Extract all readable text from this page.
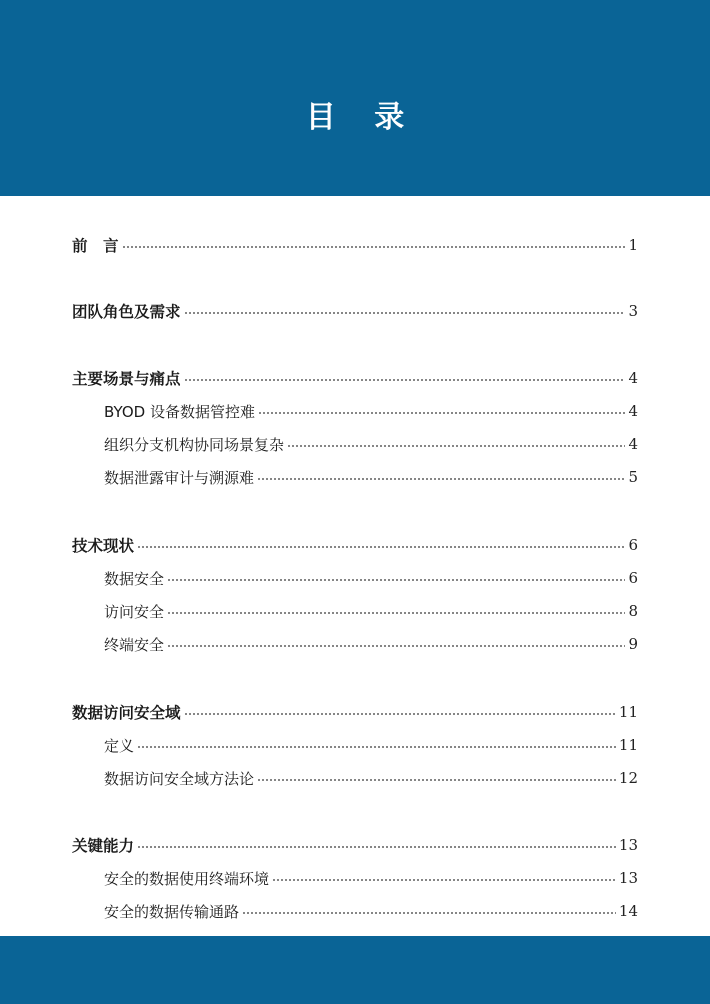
目 录
前　言	1
团队角色及需求	3
主要场景与痛点	4
BYOD 设备数据管控难	4
组织分支机构协同场景复杂	4
数据泄露审计与溯源难	5
技术现状	6
数据安全	6
访问安全	8
终端安全	9
数据访问安全域	11
定义	11
数据访问安全域方法论	12
关键能力	13
安全的数据使用终端环境	13
安全的数据传输通路	14
